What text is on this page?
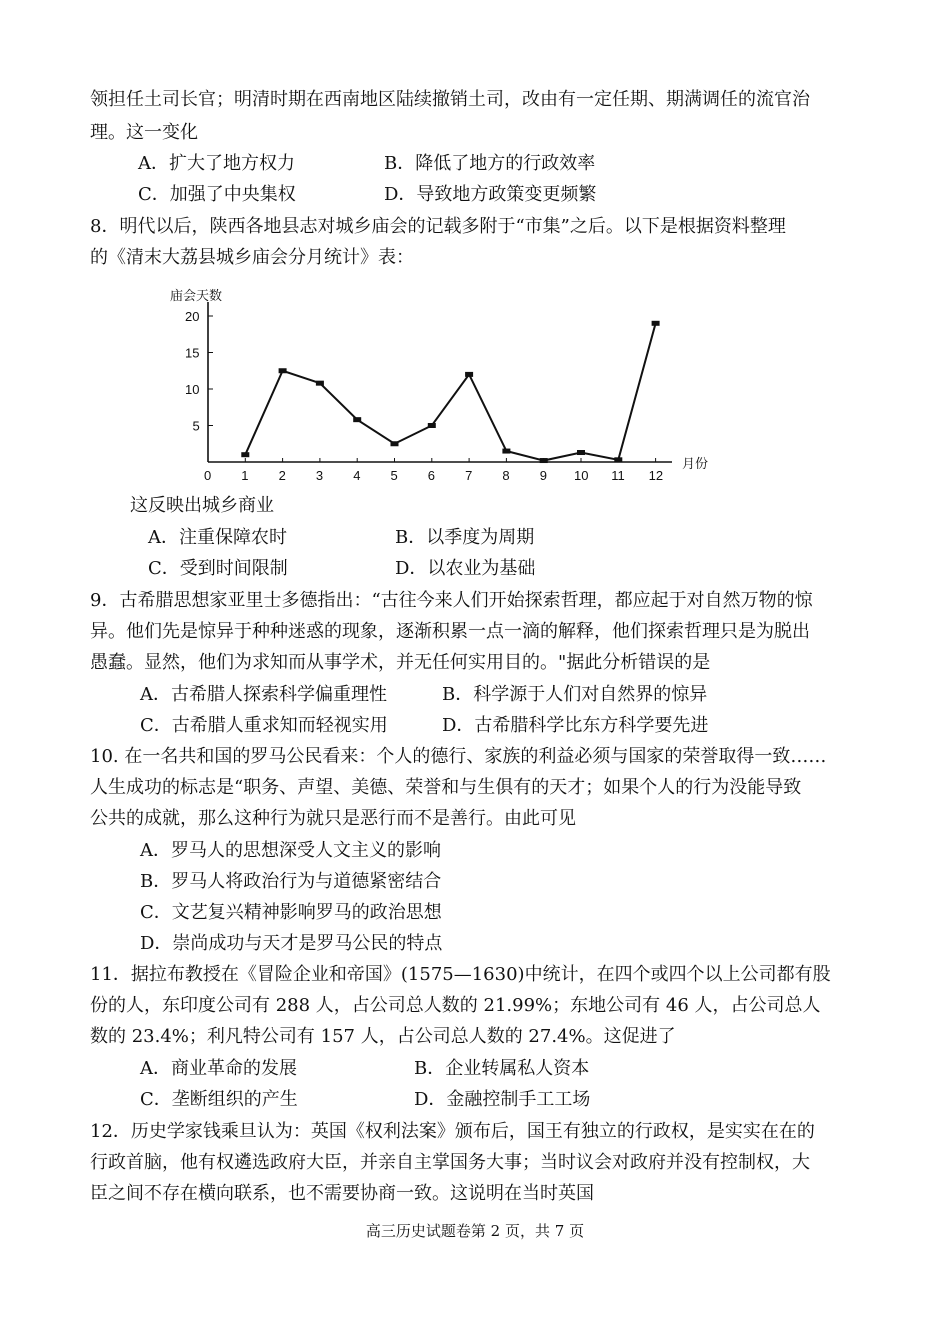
领担任土司长官；明清时期在西南地区陆续撤销土司，改由有一定任期、期满调任的流官治
理。这一变化
A．扩大了地方权力	B．降低了地方的行政效率
C．加强了中央集权	D．导致地方政策变更频繁
8．明代以后，陕西各地县志对城乡庙会的记载多附于“市集”之后。以下是根据资料整理
的《清末大荔县城乡庙会分月统计》表：
庙会天数
月份
0 1 2 3 4 5 6 7 8 9 10 11 12
5
10
15
20
这反映出城乡商业
A．注重保障农时	B．以季度为周期
C．受到时间限制	D．以农业为基础
9．古希腊思想家亚里士多德指出：“古往今来人们开始探索哲理，都应起于对自然万物的惊
异。他们先是惊异于种种迷惑的现象，逐渐积累一点一滴的解释，他们探索哲理只是为脱出
愚蠢。显然，他们为求知而从事学术，并无任何实用目的。"据此分析错误的是
A．古希腊人探索科学偏重理性	B．科学源于人们对自然界的惊异
C．古希腊人重求知而轻视实用	D．古希腊科学比东方科学要先进
10. 在一名共和国的罗马公民看来：个人的德行、家族的利益必须与国家的荣誉取得一致……
人生成功的标志是“职务、声望、美德、荣誉和与生俱有的天才；如果个人的行为没能导致
公共的成就，那么这种行为就只是恶行而不是善行。由此可见
A．罗马人的思想深受人文主义的影响
B．罗马人将政治行为与道德紧密结合
C．文艺复兴精神影响罗马的政治思想
D．崇尚成功与天才是罗马公民的特点
11．据拉布教授在《冒险企业和帝国》(1575—1630)中统计，在四个或四个以上公司都有股
份的人，东印度公司有 288 人，占公司总人数的 21.99%；东地公司有 46 人，占公司总人
数的 23.4%；利凡特公司有 157 人，占公司总人数的 27.4%。这促进了
A．商业革命的发展	B．企业转属私人资本
C．垄断组织的产生	D．金融控制手工工场
12．历史学家钱乘旦认为：英国《权利法案》颁布后，国王有独立的行政权，是实实在在的
行政首脑，他有权遴选政府大臣，并亲自主掌国务大事；当时议会对政府并没有控制权，大
臣之间不存在横向联系，也不需要协商一致。这说明在当时英国
高三历史试题卷第 2 页，共 7 页
